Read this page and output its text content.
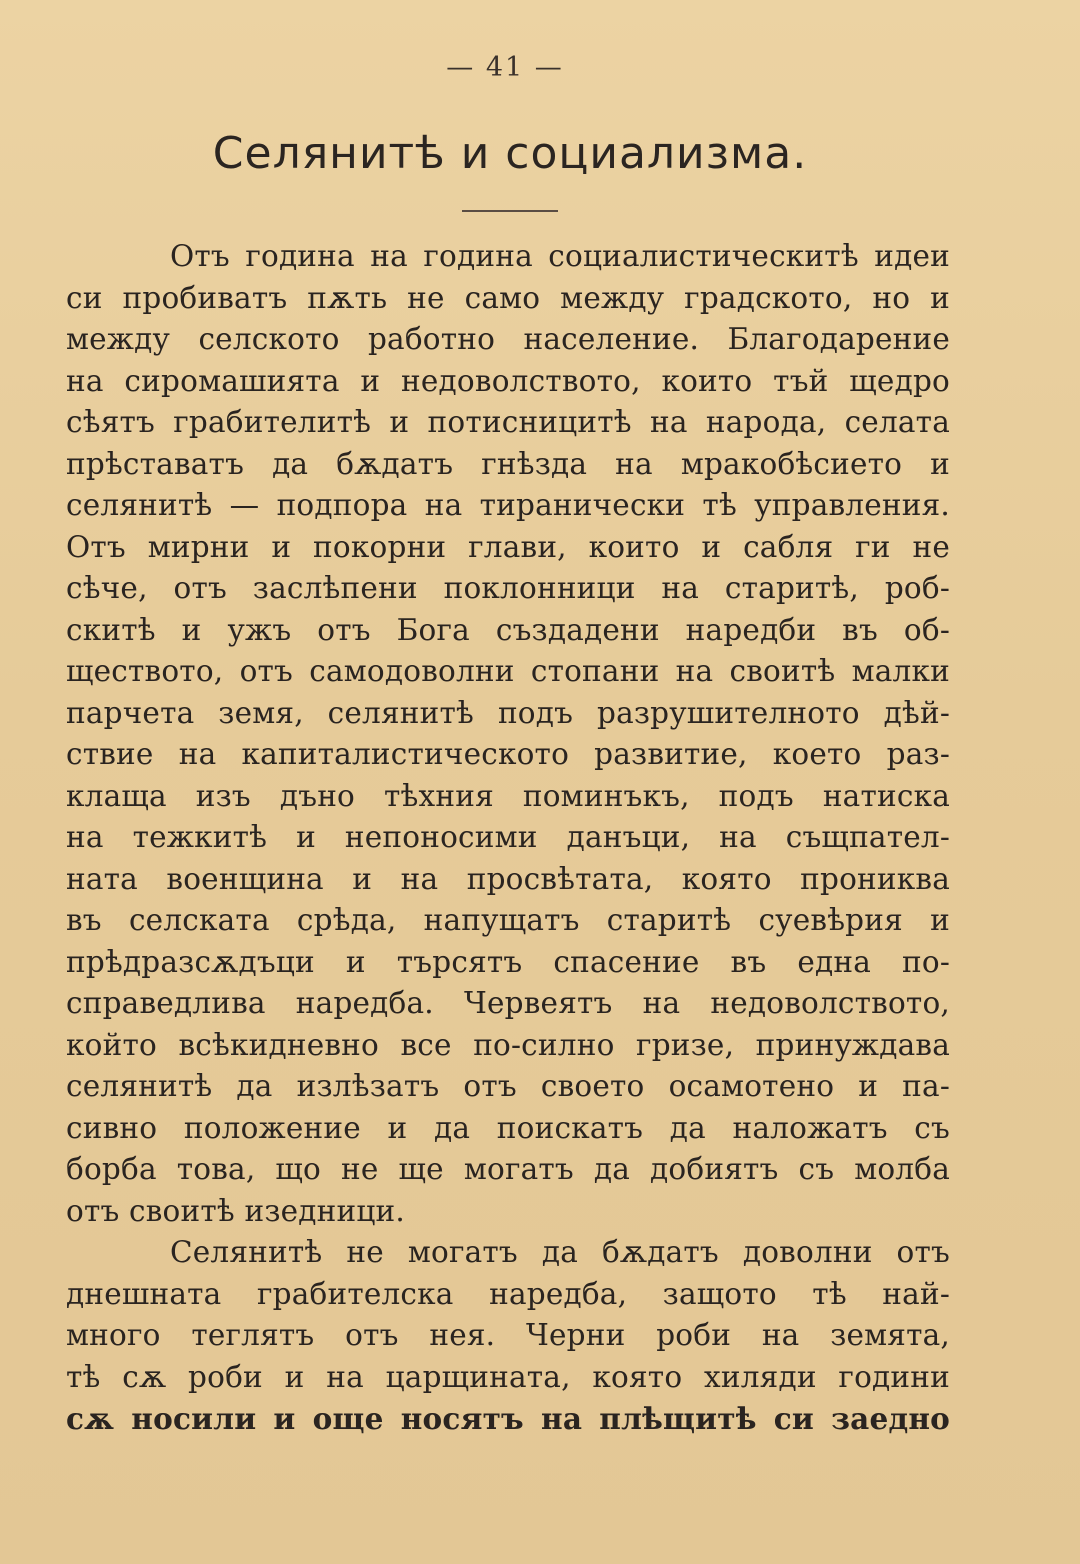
— 41 —
Селянитѣ и социализма.
Отъ година на година социалистическитѣ идеи
си пробиватъ пѫть не само между градското, но и
между селското работно население. Благодарение
на сиромашията и недоволството, които тъй щедро
сѣятъ грабителитѣ и потисницитѣ на народа, селата
прѣставатъ да бѫдатъ гнѣзда на мракобѣсието и
селянитѣ — подпора на тиранически тѣ управления.
Отъ мирни и покорни глави, които и сабля ги не
сѣче, отъ заслѣпени поклонници на старитѣ, роб-
скитѣ и ужъ отъ Бога създадени наредби въ об-
ществото, отъ самодоволни стопани на своитѣ малки
парчета земя, селянитѣ подъ разрушителното дѣй-
ствие на капиталистическото развитие, което раз-
клаща изъ дъно тѣхния поминъкъ, подъ натиска
на тежкитѣ и непоносими данъци, на същпател-
ната военщина и на просвѣтата, която прониква
въ селската срѣда, напущатъ старитѣ суевѣрия и
прѣдразсѫдъци и търсятъ спасение въ една по-
справедлива наредба. Червеятъ на недоволството,
който всѣкидневно все по-силно гризе, принуждава
селянитѣ да излѣзатъ отъ своето осамотено и па-
сивно положение и да поискатъ да наложатъ съ
борба това, що не ще могатъ да добиятъ съ молба
отъ своитѣ изедници.
Селянитѣ не могатъ да бѫдатъ доволни отъ
днешната грабителска наредба, защото тѣ най-
много теглятъ отъ нея. Черни роби на земята,
тѣ сѫ роби и на царщината, която хиляди години
сѫ носили и още носятъ на плѣщитѣ си заедно
